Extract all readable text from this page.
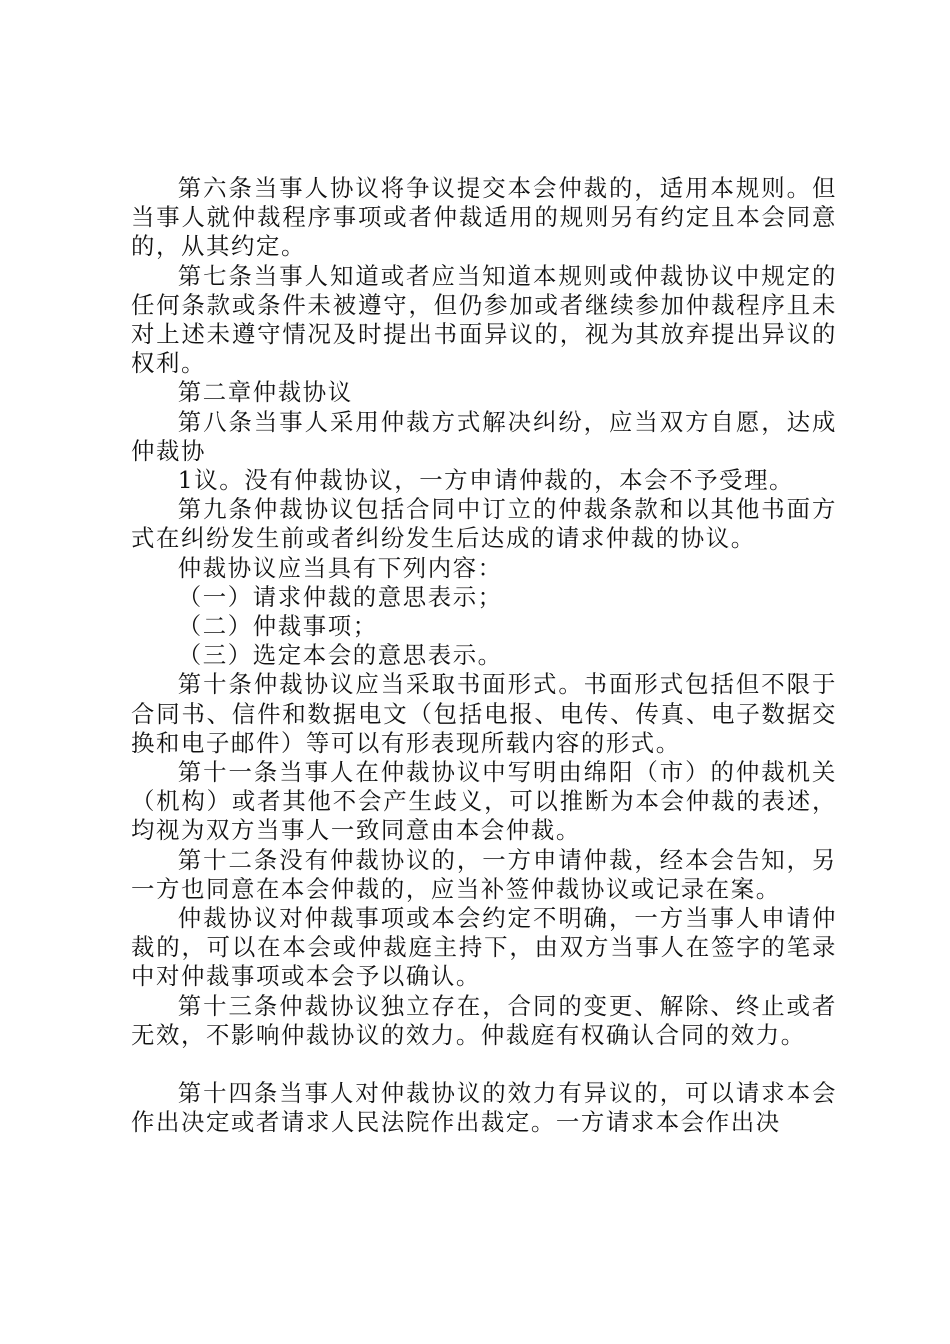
第六条当事人协议将争议提交本会仲裁的，适用本规则。但当事人就仲裁程序事项或者仲裁适用的规则另有约定且本会同意的，从其约定。

第七条当事人知道或者应当知道本规则或仲裁协议中规定的任何条款或条件未被遵守，但仍参加或者继续参加仲裁程序且未对上述未遵守情况及时提出书面异议的，视为其放弃提出异议的权利。

第二章仲裁协议

第八条当事人采用仲裁方式解决纠纷，应当双方自愿，达成仲裁协

1议。没有仲裁协议，一方申请仲裁的，本会不予受理。

第九条仲裁协议包括合同中订立的仲裁条款和以其他书面方式在纠纷发生前或者纠纷发生后达成的请求仲裁的协议。

仲裁协议应当具有下列内容：

（一）请求仲裁的意思表示；

（二）仲裁事项；

（三）选定本会的意思表示。

第十条仲裁协议应当采取书面形式。书面形式包括但不限于合同书、信件和数据电文（包括电报、电传、传真、电子数据交换和电子邮件）等可以有形表现所载内容的形式。

第十一条当事人在仲裁协议中写明由绵阳（市）的仲裁机关（机构）或者其他不会产生歧义，可以推断为本会仲裁的表述，均视为双方当事人一致同意由本会仲裁。

第十二条没有仲裁协议的，一方申请仲裁，经本会告知，另一方也同意在本会仲裁的，应当补签仲裁协议或记录在案。

仲裁协议对仲裁事项或本会约定不明确，一方当事人申请仲裁的，可以在本会或仲裁庭主持下，由双方当事人在签字的笔录中对仲裁事项或本会予以确认。

第十三条仲裁协议独立存在，合同的变更、解除、终止或者无效，不影响仲裁协议的效力。仲裁庭有权确认合同的效力。

第十四条当事人对仲裁协议的效力有异议的，可以请求本会作出决定或者请求人民法院作出裁定。一方请求本会作出决
